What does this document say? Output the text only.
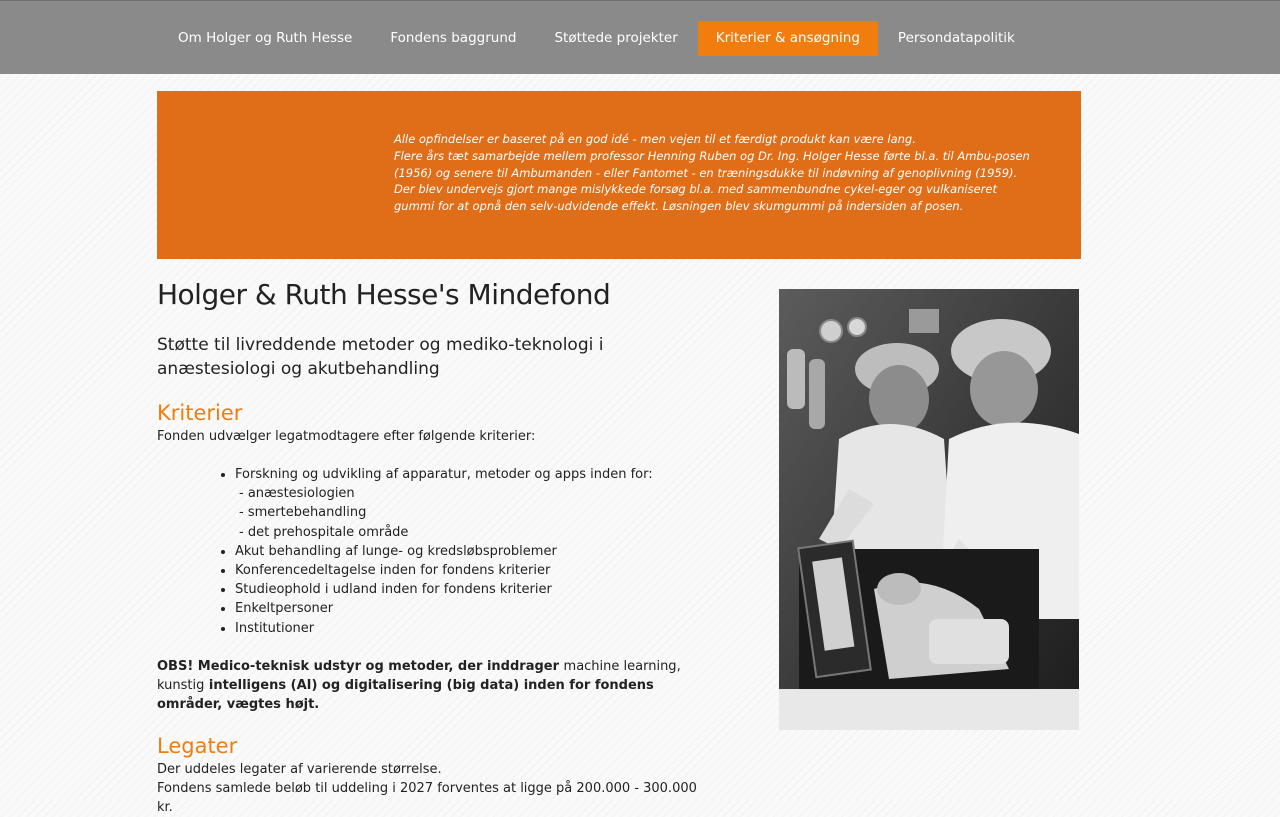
Om Holger og Ruth Hesse	Fondens baggrund	Støttede projekter	Kriterier & ansøgning	Persondatapolitik

Alle opfindelser er baseret på en god idé - men vejen til et færdigt produkt kan være lang.

Flere års tæt samarbejde mellem professor Henning Ruben og Dr. Ing. Holger Hesse førte bl.a. til Ambu-posen (1956) og senere til Ambumanden - eller Fantomet - en træningsdukke til indøvning af genoplivning (1959). Der blev undervejs gjort mange mislykkede forsøg bl.a. med sammenbundne cykel-eger og vulkaniseret gummi for at opnå den selv-udvidende effekt. Løsningen blev skumgummi på indersiden af posen.

Holger & Ruth Hesse's Mindefond

Støtte til livreddende metoder og mediko-teknologi i anæstesiologi og akutbehandling

Kriterier

Fonden udvælger legatmodtagere efter følgende kriterier:

• Forskning og udvikling af apparatur, metoder og apps inden for:
- anæstesiologien
- smertebehandling
- det prehospitale område
• Akut behandling af lunge- og kredsløbsproblemer
• Konferencedeltagelse inden for fondens kriterier
• Studieophold i udland inden for fondens kriterier
• Enkeltpersoner
• Institutioner

OBS! Medico-teknisk udstyr og metoder, der inddrager machine learning, kunstig intelligens (AI) og digitalisering (big data) inden for fondens områder, vægtes højt.

Legater

Der uddeles legater af varierende størrelse.

Fondens samlede beløb til uddeling i 2027 forventes at ligge på 200.000 - 300.000 kr.
